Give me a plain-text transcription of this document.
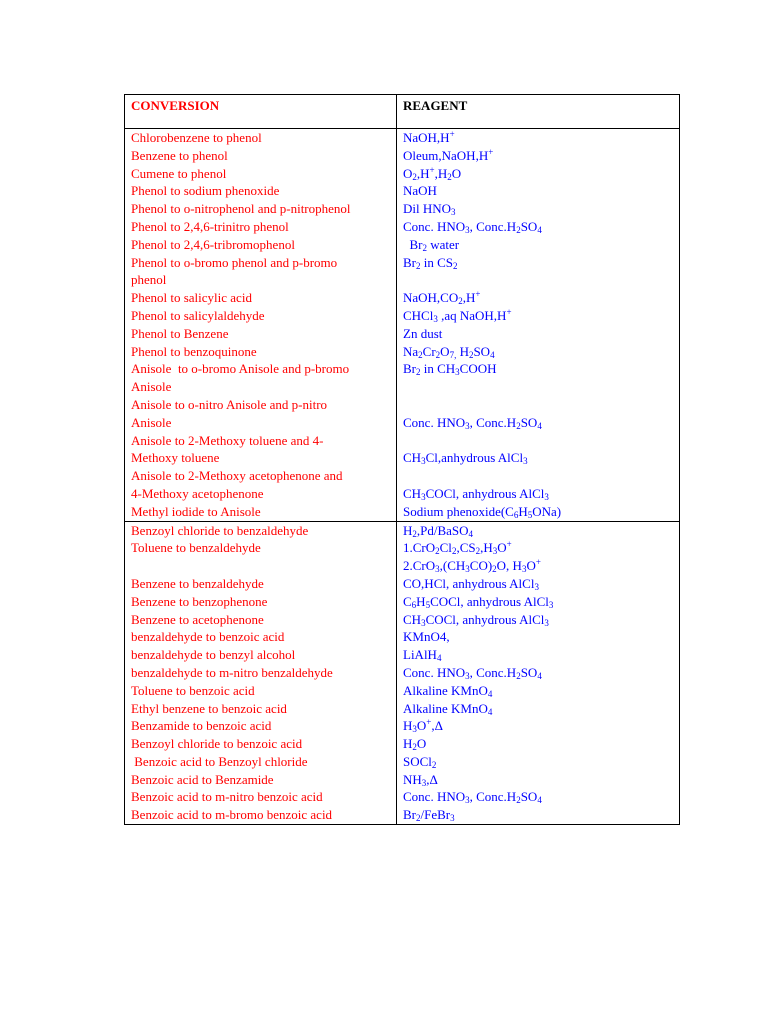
CONVERSION	REAGENT

Chlorobenzene to phenol	NaOH,H+

Benzene to phenol	Oleum,NaOH,H+

Cumene to phenol	$O_2,H^+,H_2O$

Phenol to sodium phenoxide	NaOH

Phenol to o-nitrophenol and p-nitrophenol	Dil $HNO_3$

Phenol to 2,4,6-trinitro phenol	Conc. $HNO_3$, $Conc.H_2SO_4$

Phenol to 2,4,6-tribromophenol	$Br_2$ water

Phenol to o-bromo phenol and p-bromo
phenol	$Br_2$ in $CS_2$

Phenol to salicylic acid	$NaOH,CO_2,H^+$

Phenol to salicylaldehyde	CHCl$_3$ ,aq NaOH,H+

Phenol to Benzene	Zn dust

Phenol to benzoquinone	$Na_2Cr_2O_{7,}$ $H_2SO_4$

Anisole  to o-bromo Anisole and p-bromo
Anisole	$Br_2$ in $CH_3COOH$

Anisole to o-nitro Anisole and p-nitro
Anisole	Conc. $HNO_3$, $Conc.H_2SO_4$

Anisole to 2-Methoxy toluene and 4-
Methoxy toluene	$CH_3Cl,anhydrous$ AlCl$_3$

Anisole to 2-Methoxy acetophenone and
4-Methoxy acetophenone	$CH_3COCl$, anhydrous AlCl$_3$

Methyl iodide to Anisole	Sodium $phenoxide(C_6H_5ONa)$

Benzoyl chloride to benzaldehyde	$H_2,Pd/BaSO_4$

Toluene to benzaldehyde	$1.CrO_2Cl_2,CS_2,H_3O^+$
$2.CrO_3,(CH_3CO)_2O$, $H_3O^+$

Benzene to benzaldehyde	CO,HCl, anhydrous AlCl$_3$

Benzene to benzophenone	$C_6H_5COCl$, anhydrous AlCl$_3$

Benzene to acetophenone	$CH_3COCl$, anhydrous AlCl$_3$

benzaldehyde to benzoic acid	KMnO4,

benzaldehyde to benzyl alcohol	LiAlH$_4$

benzaldehyde to m-nitro benzaldehyde	Conc. $HNO_3$, $Conc.H_2SO_4$

Toluene to benzoic acid	Alkaline KMnO$_4$

Ethyl benzene to benzoic acid	Alkaline KMnO$_4$

Benzamide to benzoic acid	$H_3O^+,\Delta$

Benzoyl chloride to benzoic acid	$H_2O$

Benzoic acid to Benzoyl chloride	SOCl$_2$

Benzoic acid to Benzamide	$NH_3,\Delta$

Benzoic acid to m-nitro benzoic acid	Conc. $HNO_3$, $Conc.H_2SO_4$

Benzoic acid to m-bromo benzoic acid	$Br_2/FeBr_3$
